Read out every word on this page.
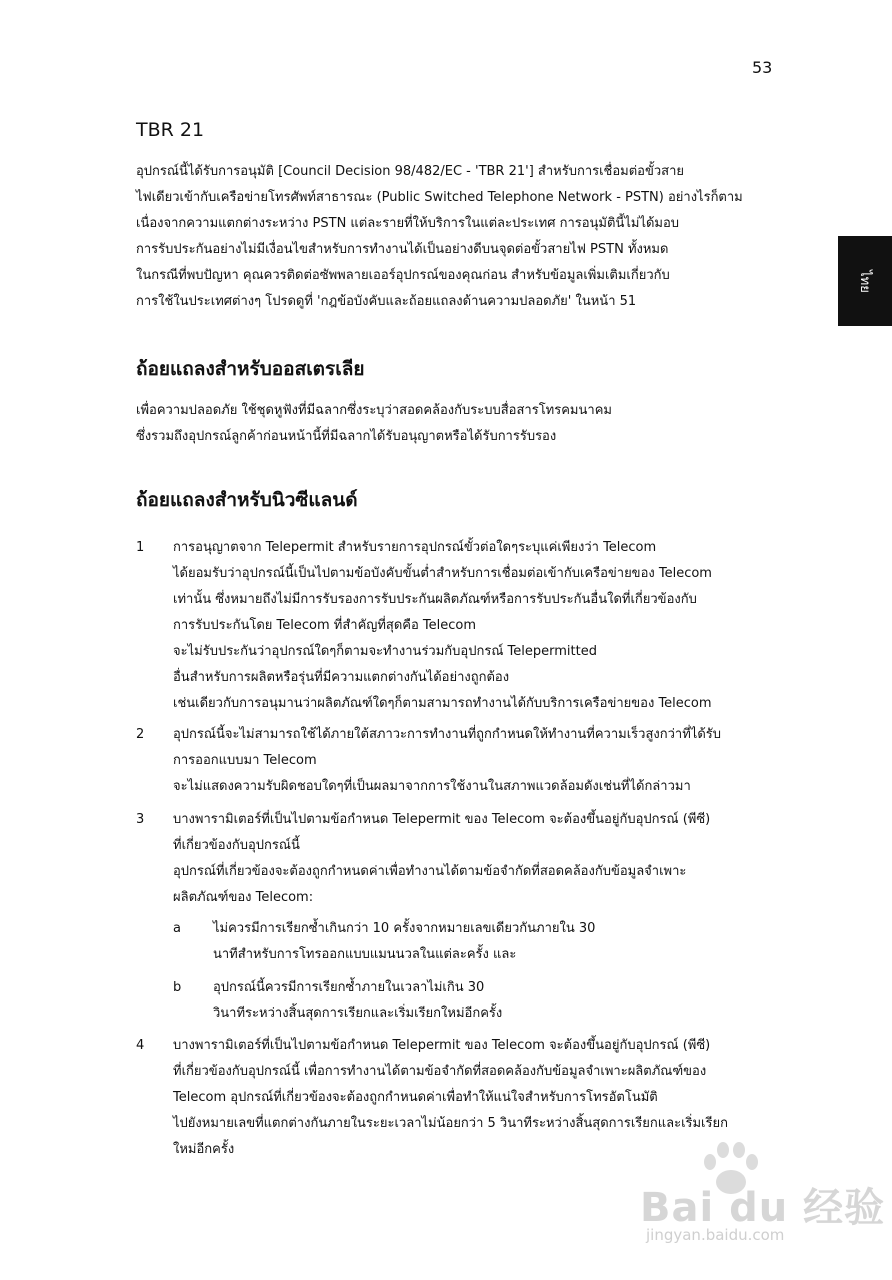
53
ไทย
TBR 21
อุปกรณ์นี้ได้รับการอนุมัติ [Council Decision 98/482/EC - 'TBR 21'] สำหรับการเชื่อมต่อขั้วสาย
ไฟเดียวเข้ากับเครือข่ายโทรศัพท์สาธารณะ (Public Switched Telephone Network - PSTN) อย่างไรก็ตาม
เนื่องจากความแตกต่างระหว่าง PSTN แต่ละรายที่ให้บริการในแต่ละประเทศ การอนุมัตินี้ไม่ได้มอบ
การรับประกันอย่างไม่มีเงื่อนไขสำหรับการทำงานได้เป็นอย่างดีบนจุดต่อขั้วสายไฟ PSTN ทั้งหมด
ในกรณีที่พบปัญหา คุณควรติดต่อซัพพลายเออร์อุปกรณ์ของคุณก่อน สำหรับข้อมูลเพิ่มเติมเกี่ยวกับ
การใช้ในประเทศต่างๆ โปรดดูที่ 'กฎข้อบังคับและถ้อยแถลงด้านความปลอดภัย' ในหน้า 51
ถ้อยแถลงสำหรับออสเตรเลีย
เพื่อความปลอดภัย ใช้ชุดหูฟังที่มีฉลากซึ่งระบุว่าสอดคล้องกับระบบสื่อสารโทรคมนาคม
ซึ่งรวมถึงอุปกรณ์ลูกค้าก่อนหน้านี้ที่มีฉลากได้รับอนุญาตหรือได้รับการรับรอง
ถ้อยแถลงสำหรับนิวซีแลนด์
1 การอนุญาตจาก Telepermit สำหรับรายการอุปกรณ์ขั้วต่อใดๆระบุแค่เพียงว่า Telecom
ได้ยอมรับว่าอุปกรณ์นี้เป็นไปตามข้อบังคับขั้นต่ำสำหรับการเชื่อมต่อเข้ากับเครือข่ายของ Telecom
เท่านั้น ซึ่งหมายถึงไม่มีการรับรองการรับประกันผลิตภัณฑ์หรือการรับประกันอื่นใดที่เกี่ยวข้องกับ
การรับประกันโดย Telecom ที่สำคัญที่สุดคือ Telecom
จะไม่รับประกันว่าอุปกรณ์ใดๆก็ตามจะทำงานร่วมกับอุปกรณ์ Telepermitted
อื่นสำหรับการผลิตหรือรุ่นที่มีความแตกต่างกันได้อย่างถูกต้อง
เช่นเดียวกับการอนุมานว่าผลิตภัณฑ์ใดๆก็ตามสามารถทำงานได้กับบริการเครือข่ายของ Telecom
2 อุปกรณ์นี้จะไม่สามารถใช้ได้ภายใต้สภาวะการทำงานที่ถูกกำหนดให้ทำงานที่ความเร็วสูงกว่าที่ได้รับ
การออกแบบมา Telecom
จะไม่แสดงความรับผิดชอบใดๆที่เป็นผลมาจากการใช้งานในสภาพแวดล้อมดังเช่นที่ได้กล่าวมา
3 บางพารามิเตอร์ที่เป็นไปตามข้อกำหนด Telepermit ของ Telecom จะต้องขึ้นอยู่กับอุปกรณ์ (พีซี)
ที่เกี่ยวข้องกับอุปกรณ์นี้
อุปกรณ์ที่เกี่ยวข้องจะต้องถูกกำหนดค่าเพื่อทำงานได้ตามข้อจำกัดที่สอดคล้องกับข้อมูลจำเพาะ
ผลิตภัณฑ์ของ Telecom:
a ไม่ควรมีการเรียกซ้ำเกินกว่า 10 ครั้งจากหมายเลขเดียวกันภายใน 30
นาทีสำหรับการโทรออกแบบแมนนวลในแต่ละครั้ง และ
b อุปกรณ์นี้ควรมีการเรียกซ้ำภายในเวลาไม่เกิน 30
วินาทีระหว่างสิ้นสุดการเรียกและเริ่มเรียกใหม่อีกครั้ง
4 บางพารามิเตอร์ที่เป็นไปตามข้อกำหนด Telepermit ของ Telecom จะต้องขึ้นอยู่กับอุปกรณ์ (พีซี)
ที่เกี่ยวข้องกับอุปกรณ์นี้ เพื่อการทำงานได้ตามข้อจำกัดที่สอดคล้องกับข้อมูลจำเพาะผลิตภัณฑ์ของ
Telecom อุปกรณ์ที่เกี่ยวข้องจะต้องถูกกำหนดค่าเพื่อทำให้แน่ใจสำหรับการโทรอัตโนมัติ
ไปยังหมายเลขที่แตกต่างกันภายในระยะเวลาไม่น้อยกว่า 5 วินาทีระหว่างสิ้นสุดการเรียกและเริ่มเรียก
ใหม่อีกครั้ง
Bai du 经验
jingyan.baidu.com
